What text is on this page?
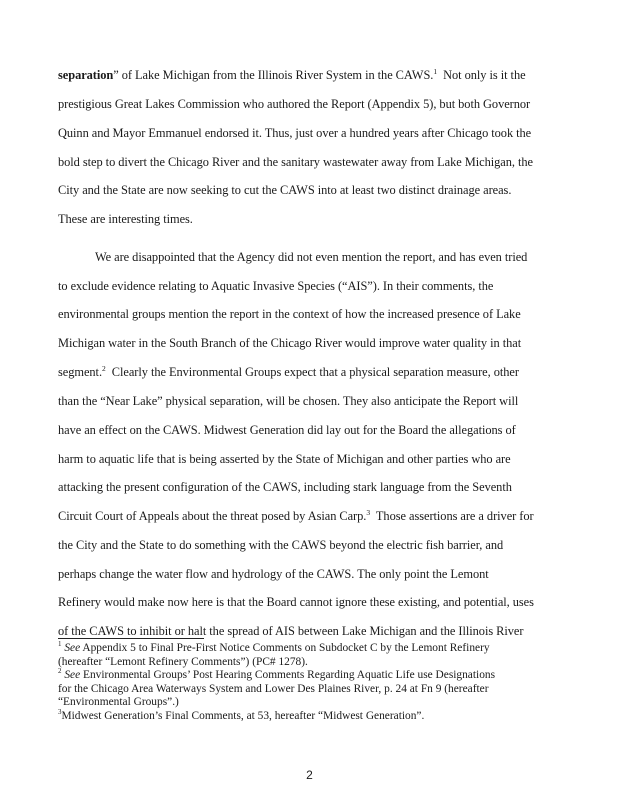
separation” of Lake Michigan from the Illinois River System in the CAWS.$^1$  Not only is it the
prestigious Great Lakes Commission who authored the Report (Appendix 5), but both Governor
Quinn and Mayor Emmanuel endorsed it. Thus, just over a hundred years after Chicago took the
bold step to divert the Chicago River and the sanitary wastewater away from Lake Michigan, the
City and the State are now seeking to cut the CAWS into at least two distinct drainage areas.
These are interesting times.
We are disappointed that the Agency did not even mention the report, and has even tried
to exclude evidence relating to Aquatic Invasive Species (“AIS”). In their comments, the
environmental groups mention the report in the context of how the increased presence of Lake
Michigan water in the South Branch of the Chicago River would improve water quality in that
segment.$^2$  Clearly the Environmental Groups expect that a physical separation measure, other
than the “Near Lake” physical separation, will be chosen. They also anticipate the Report will
have an effect on the CAWS. Midwest Generation did lay out for the Board the allegations of
harm to aquatic life that is being asserted by the State of Michigan and other parties who are
attacking the present configuration of the CAWS, including stark language from the Seventh
Circuit Court of Appeals about the threat posed by Asian Carp.$^3$  Those assertions are a driver for
the City and the State to do something with the CAWS beyond the electric fish barrier, and
perhaps change the water flow and hydrology of the CAWS. The only point the Lemont
Refinery would make now here is that the Board cannot ignore these existing, and potential, uses
of the CAWS to inhibit or halt the spread of AIS between Lake Michigan and the Illinois River
$^1$ See Appendix 5 to Final Pre-First Notice Comments on Subdocket C by the Lemont Refinery
(hereafter “Lemont Refinery Comments”) (PC# 1278).
$^2$ See Environmental Groups’ Post Hearing Comments Regarding Aquatic Life use Designations
for the Chicago Area Waterways System and Lower Des Plaines River, p. 24 at Fn 9 (hereafter
“Environmental Groups”.)
$^3$Midwest Generation’s Final Comments, at 53, hereafter “Midwest Generation”.
2
